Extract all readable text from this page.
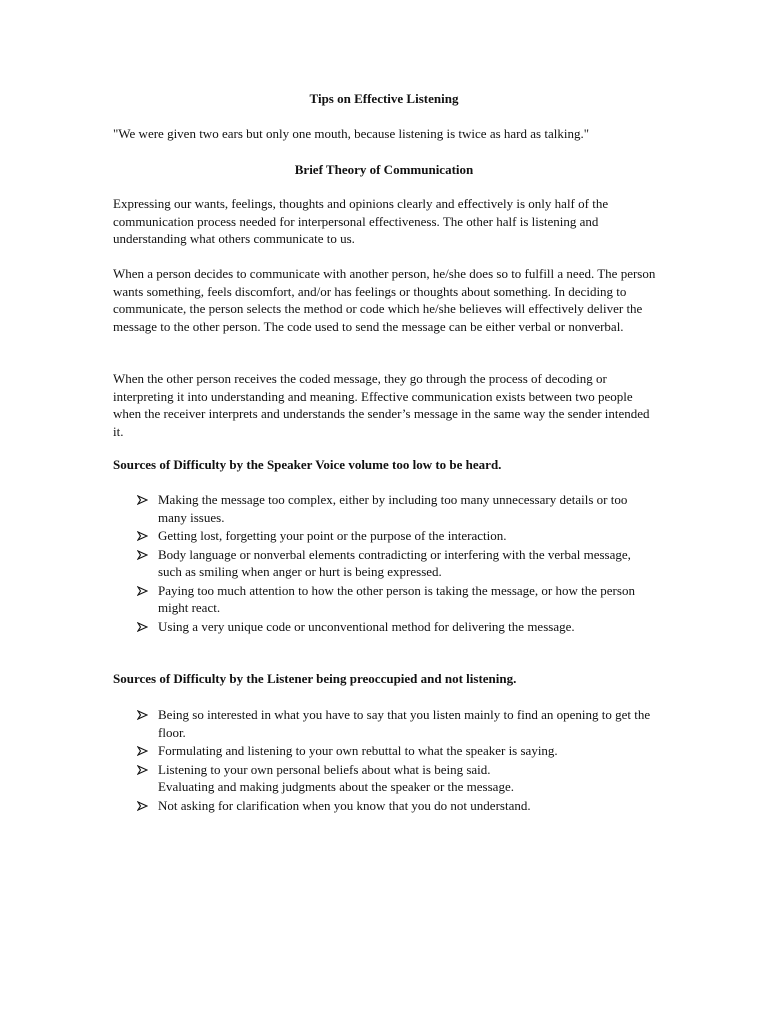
Tips on Effective Listening
"We were given two ears but only one mouth, because listening is twice as hard as talking."
Brief Theory of Communication

Expressing our wants, feelings, thoughts and opinions clearly and effectively is only half of the communication process needed for interpersonal effectiveness. The other half is listening and understanding what others communicate to us.

When a person decides to communicate with another person, he/she does so to fulfill a need. The person wants something, feels discomfort, and/or has feelings or thoughts about something. In deciding to communicate, the person selects the method or code which he/she believes will effectively deliver the message to the other person. The code used to send the message can be either verbal or nonverbal.

When the other person receives the coded message, they go through the process of decoding or interpreting it into understanding and meaning. Effective communication exists between two people when the receiver interprets and understands the sender’s message in the same way the sender intended it.

Sources of Difficulty by the Speaker Voice volume too low to be heard.
Making the message too complex, either by including too many unnecessary details or too many issues.
Getting lost, forgetting your point or the purpose of the interaction.
Body language or nonverbal elements contradicting or interfering with the verbal message, such as smiling when anger or hurt is being expressed.
Paying too much attention to how the other person is taking the message, or how the person might react.
Using a very unique code or unconventional method for delivering the message.
Sources of Difficulty by the Listener being preoccupied and not listening.
Being so interested in what you have to say that you listen mainly to find an opening to get the floor.
Formulating and listening to your own rebuttal to what the speaker is saying.
Listening to your own personal beliefs about what is being said.
Evaluating and making judgments about the speaker or the message.
Not asking for clarification when you know that you do not understand.
